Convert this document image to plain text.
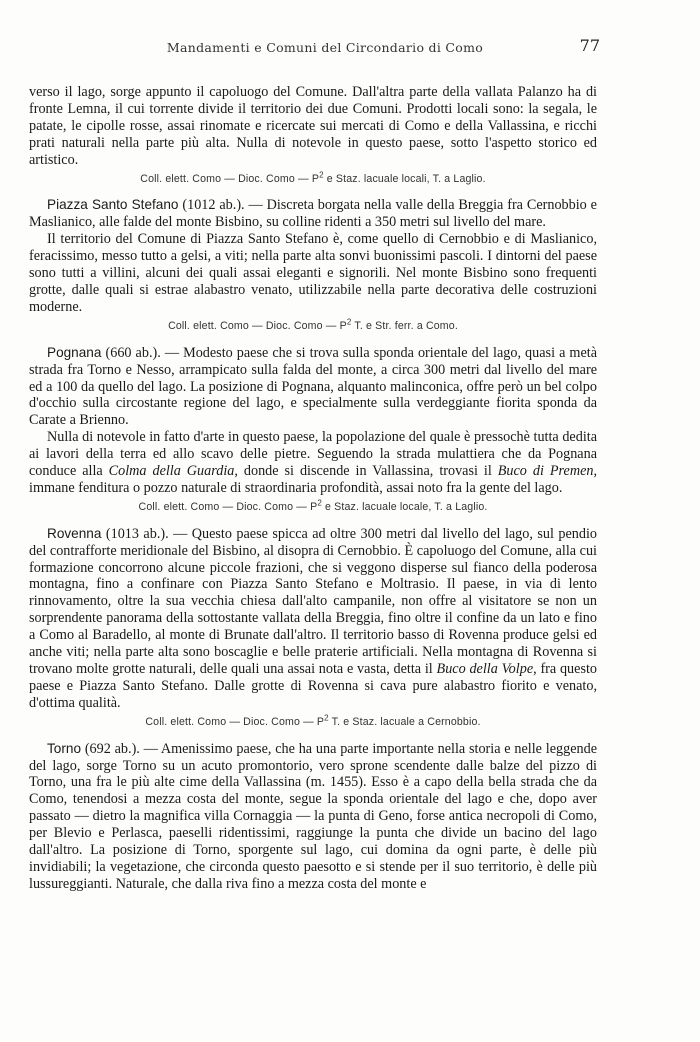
Mandamenti e Comuni del Circondario di Como	77

verso il lago, sorge appunto il capoluogo del Comune. Dall'altra parte della vallata Palanzo ha di fronte Lemna, il cui torrente divide il territorio dei due Comuni. Prodotti locali sono: la segala, le patate, le cipolle rosse, assai rinomate e ricercate sui mercati di Como e della Vallassina, e ricchi prati naturali nella parte più alta. Nulla di notevole in questo paese, sotto l'aspetto storico ed artistico.

Coll. elett. Como — Dioc. Como — $P^2$ e Staz. lacuale locali, T. a Laglio.

Piazza Santo Stefano (1012 ab.). — Discreta borgata nella valle della Breggia fra Cernobbio e Maslianico, alle falde del monte Bisbino, su colline ridenti a 350 metri sul livello del mare.

Il territorio del Comune di Piazza Santo Stefano è, come quello di Cernobbio e di Maslianico, feracissimo, messo tutto a gelsi, a viti; nella parte alta sonvi buonissimi pascoli. I dintorni del paese sono tutti a villini, alcuni dei quali assai eleganti e signorili. Nel monte Bisbino sono frequenti grotte, dalle quali si estrae alabastro venato, utilizzabile nella parte decorativa delle costruzioni moderne.

Coll. elett. Como — Dioc. Como — $P^2$ T. e Str. ferr. a Como.

Pognana (660 ab.). — Modesto paese che si trova sulla sponda orientale del lago, quasi a metà strada fra Torno e Nesso, arrampicato sulla falda del monte, a circa 300 metri dal livello del mare ed a 100 da quello del lago. La posizione di Pognana, alquanto malinconica, offre però un bel colpo d'occhio sulla circostante regione del lago, e specialmente sulla verdeggiante fiorita sponda da Carate a Brienno.

Nulla di notevole in fatto d'arte in questo paese, la popolazione del quale è pressochè tutta dedita ai lavori della terra ed allo scavo delle pietre. Seguendo la strada mulattiera che da Pognana conduce alla Colma della Guardia, donde si discende in Vallassina, trovasi il Buco di Premen, immane fenditura o pozzo naturale di straordinaria profondità, assai noto fra la gente del lago.

Coll. elett. Como — Dioc. Como — $P^2$ e Staz. lacuale locale, T. a Laglio.

Rovenna (1013 ab.). — Questo paese spicca ad oltre 300 metri dal livello del lago, sul pendio del contrafforte meridionale del Bisbino, al disopra di Cernobbio. È capoluogo del Comune, alla cui formazione concorrono alcune piccole frazioni, che si veggono disperse sul fianco della poderosa montagna, fino a confinare con Piazza Santo Stefano e Moltrasio. Il paese, in via di lento rinnovamento, oltre la sua vecchia chiesa dall'alto campanile, non offre al visitatore se non un sorprendente panorama della sottostante vallata della Breggia, fino oltre il confine da un lato e fino a Como al Baradello, al monte di Brunate dall'altro. Il territorio basso di Rovenna produce gelsi ed anche viti; nella parte alta sono boscaglie e belle praterie artificiali. Nella montagna di Rovenna si trovano molte grotte naturali, delle quali una assai nota e vasta, detta il Buco della Volpe, fra questo paese e Piazza Santo Stefano. Dalle grotte di Rovenna si cava pure alabastro fiorito e venato, d'ottima qualità.

Coll. elett. Como — Dioc. Como — $P^2$ T. e Staz. lacuale a Cernobbio.

Torno (692 ab.). — Amenissimo paese, che ha una parte importante nella storia e nelle leggende del lago, sorge Torno su un acuto promontorio, vero sprone scendente dalle balze del pizzo di Torno, una fra le più alte cime della Vallassina (m. 1455). Esso è a capo della bella strada che da Como, tenendosi a mezza costa del monte, segue la sponda orientale del lago e che, dopo aver passato — dietro la magnifica villa Cornaggia — la punta di Geno, forse antica necropoli di Como, per Blevio e Perlasca, paeselli ridentissimi, raggiunge la punta che divide un bacino del lago dall'altro. La posizione di Torno, sporgente sul lago, cui domina da ogni parte, è delle più invidiabili; la vegetazione, che circonda questo paesotto e si stende per il suo territorio, è delle più lussureggianti. Naturale, che dalla riva fino a mezza costa del monte e
